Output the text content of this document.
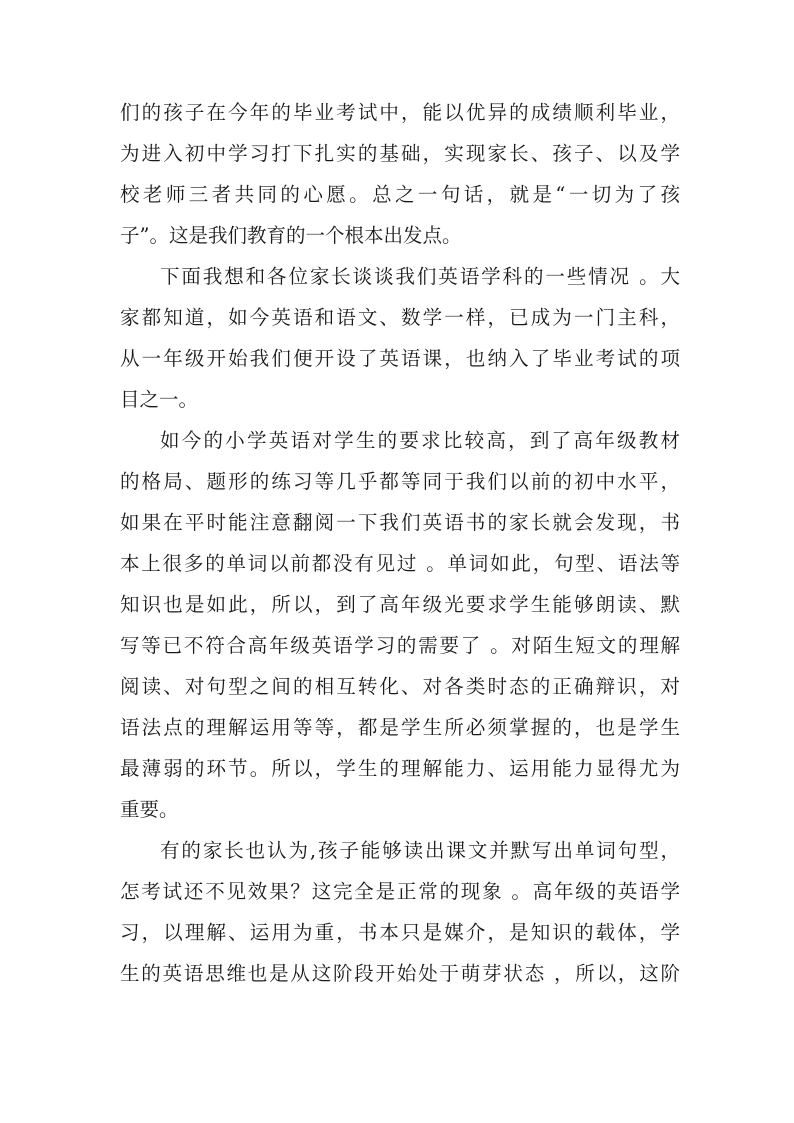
们的孩子在今年的毕业考试中，能以优异的成绩顺利毕业，
为进入初中学习打下扎实的基础，实现家长、孩子、以及学
校老师三者共同的心愿。总之一句话，就是“一切为了孩
子”。这是我们教育的一个根本出发点。
下面我想和各位家长谈谈我们英语学科的一些情况 。大
家都知道，如今英语和语文、数学一样，已成为一门主科，
从一年级开始我们便开设了英语课，也纳入了毕业考试的项
目之一。
如今的小学英语对学生的要求比较高，到了高年级教材
的格局、题形的练习等几乎都等同于我们以前的初中水平，
如果在平时能注意翻阅一下我们英语书的家长就会发现，书
本上很多的单词以前都没有见过 。单词如此，句型、语法等
知识也是如此，所以，到了高年级光要求学生能够朗读、默
写等已不符合高年级英语学习的需要了 。对陌生短文的理解
阅读、对句型之间的相互转化、对各类时态的正确辩识，对
语法点的理解运用等等，都是学生所必须掌握的，也是学生
最薄弱的环节。所以，学生的理解能力、运用能力显得尤为
重要。
有的家长也认为,孩子能够读出课文并默写出单词句型，
怎考试还不见效果？这完全是正常的现象 。高年级的英语学
习，以理解、运用为重，书本只是媒介，是知识的载体，学
生的英语思维也是从这阶段开始处于萌芽状态 ，所以，这阶
